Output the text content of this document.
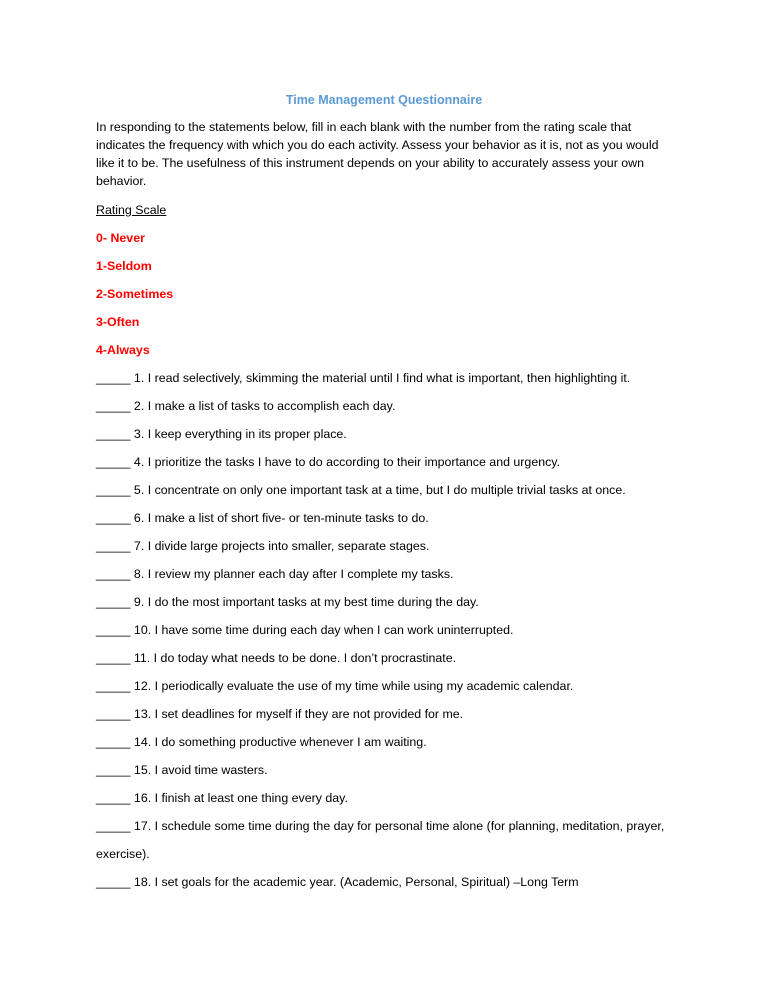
Time Management Questionnaire
In responding to the statements below, fill in each blank with the number from the rating scale that indicates the frequency with which you do each activity. Assess your behavior as it is, not as you would like it to be. The usefulness of this instrument depends on your ability to accurately assess your own behavior.
Rating Scale
0- Never
1-Seldom
2-Sometimes
3-Often
4-Always
_____ 1. I read selectively, skimming the material until I find what is important, then highlighting it.
_____ 2. I make a list of tasks to accomplish each day.
_____ 3. I keep everything in its proper place.
_____ 4. I prioritize the tasks I have to do according to their importance and urgency.
_____ 5. I concentrate on only one important task at a time, but I do multiple trivial tasks at once.
_____ 6. I make a list of short five- or ten-minute tasks to do.
_____ 7. I divide large projects into smaller, separate stages.
_____ 8. I review my planner each day after I complete my tasks.
_____ 9. I do the most important tasks at my best time during the day.
_____ 10. I have some time during each day when I can work uninterrupted.
_____ 11. I do today what needs to be done. I don’t procrastinate.
_____ 12. I periodically evaluate the use of my time while using my academic calendar.
_____ 13. I set deadlines for myself if they are not provided for me.
_____ 14. I do something productive whenever I am waiting.
_____ 15. I avoid time wasters.
_____ 16. I finish at least one thing every day.
_____ 17. I schedule some time during the day for personal time alone (for planning, meditation, prayer, exercise).
_____ 18. I set goals for the academic year. (Academic, Personal, Spiritual) –Long Term
